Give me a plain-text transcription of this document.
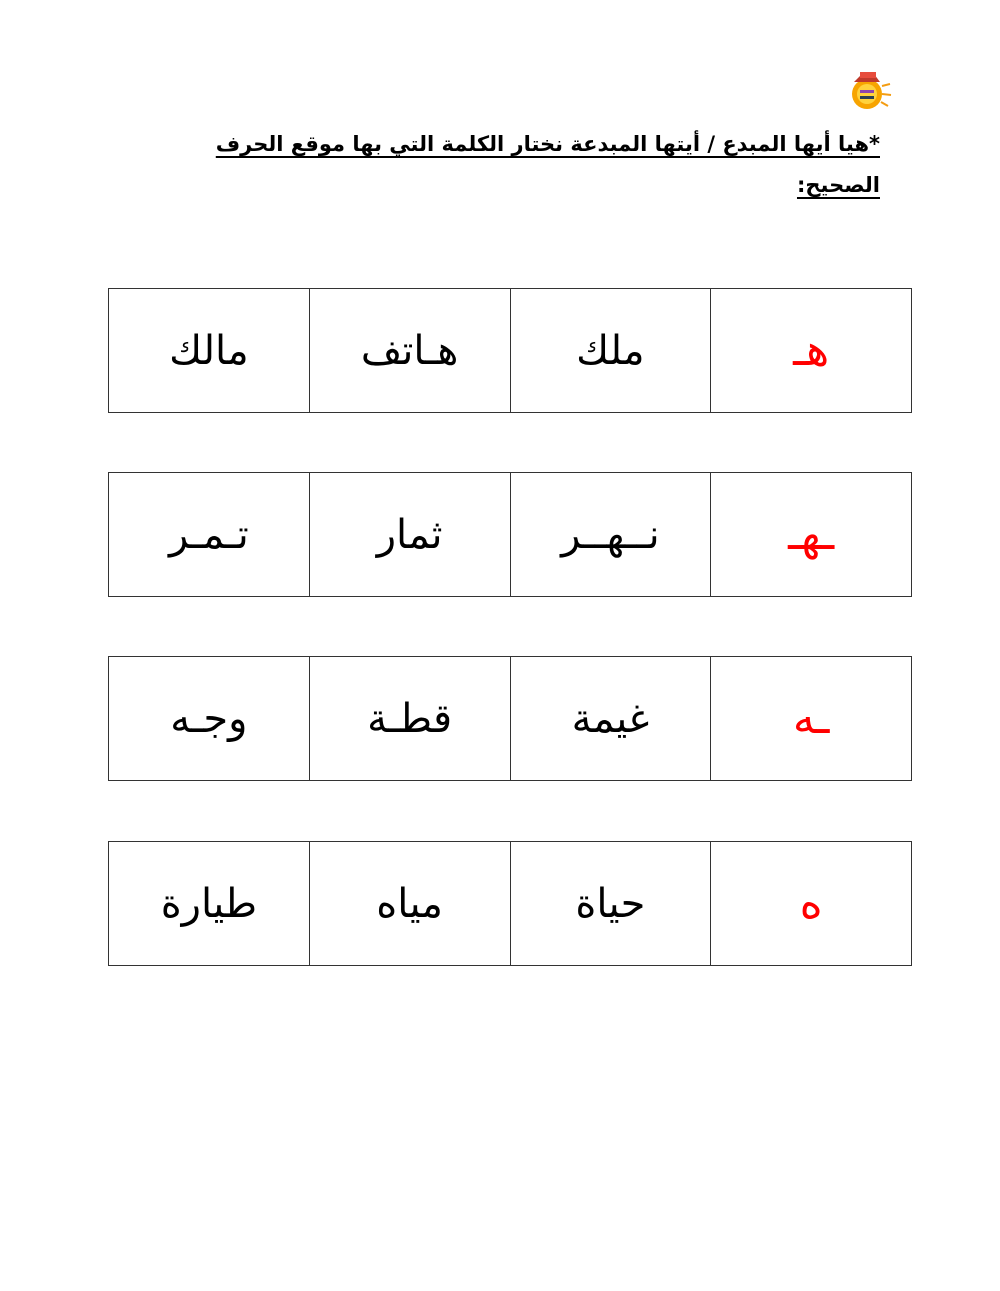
*هيا أيها المبدع / أيتها المبدعة نختار الكلمة التي بها موقع الحرف الصحيح:
هـ	ملك	هـاتف	مالك
ـهـ	نــهــر	ثمار	تـمـر
ـه	غيمة	قطـة	وجـه
ه	حياة	مياه	طيارة
